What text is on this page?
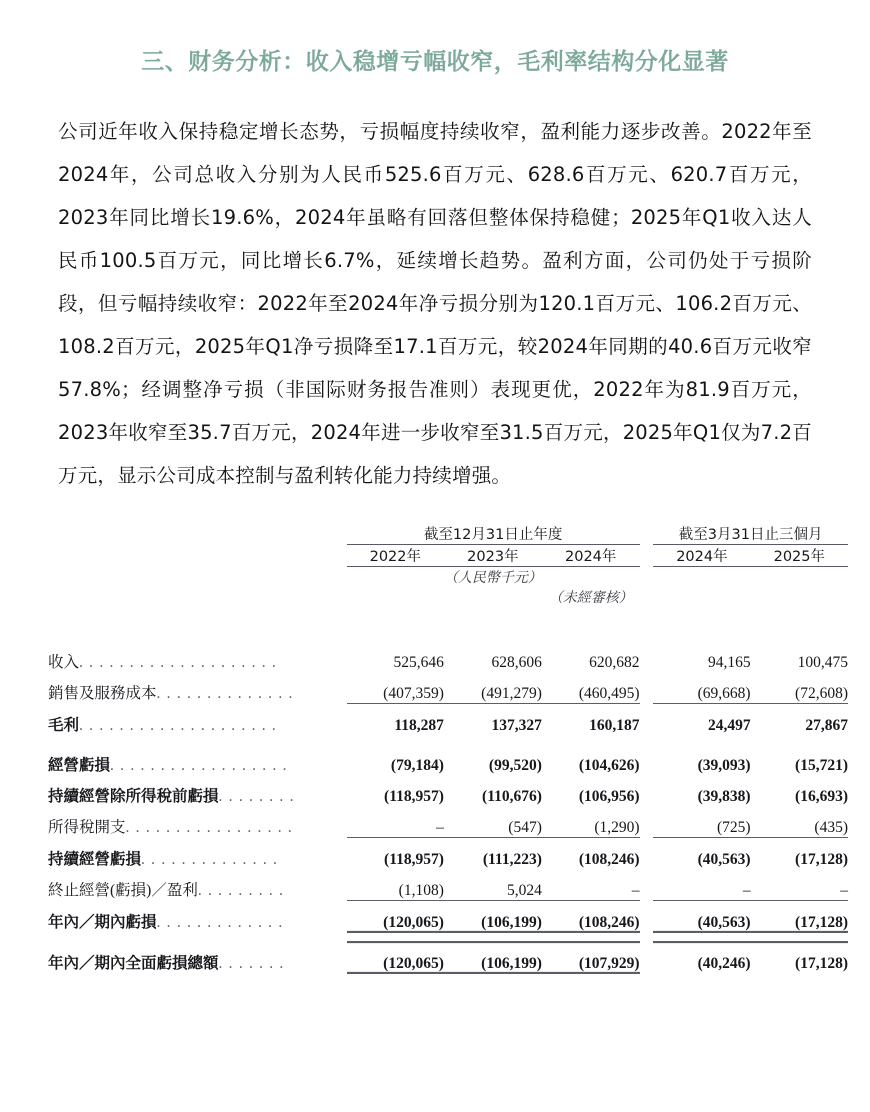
三、财务分析：收入稳增亏幅收窄，毛利率结构分化显著

公司近年收入保持稳定增长态势，亏损幅度持续收窄，盈利能力逐步改善。2022年至2024年，公司总收入分别为人民币525.6百万元、628.6百万元、620.7百万元，2023年同比增长19.6%，2024年虽略有回落但整体保持稳健；2025年Q1收入达人民币100.5百万元，同比增长6.7%，延续增长趋势。盈利方面，公司仍处于亏损阶段，但亏幅持续收窄：2022年至2024年净亏损分别为120.1百万元、106.2百万元、108.2百万元，2025年Q1净亏损降至17.1百万元，较2024年同期的40.6百万元收窄57.8%；经调整净亏损（非国际财务报告准则）表现更优，2022年为81.9百万元，2023年收窄至35.7百万元，2024年进一步收窄至31.5百万元，2025年Q1仅为7.2百万元，显示公司成本控制与盈利转化能力持续增强。

	截至12月31日止年度				截至3月31日止三個月	
	2022年	2023年	2024年		2024年	2025年
		（人民幣千元）				
			（未經審核）			

收入. . . . . . . . . . . . . . . . . . . .	525,646	628,606	620,682		94,165	100,475
銷售及服務成本. . . . . . . . . . . . . .	(407,359)	(491,279)	(460,495)		(69,668)	(72,608)
毛利. . . . . . . . . . . . . . . . . . . .	118,287	137,327	160,187		24,497	27,867

經營虧損. . . . . . . . . . . . . . . . . .	(79,184)	(99,520)	(104,626)		(39,093)	(15,721)
持續經營除所得稅前虧損. . . . . . . .	(118,957)	(110,676)	(106,956)		(39,838)	(16,693)
所得稅開支. . . . . . . . . . . . . . . . .	–	(547)	(1,290)		(725)	(435)
持續經營虧損. . . . . . . . . . . . . .	(118,957)	(111,223)	(108,246)		(40,563)	(17,128)
終止經營(虧損)／盈利. . . . . . . . .	(1,108)	5,024	–		–	–
年內／期內虧損. . . . . . . . . . . . .	(120,065)	(106,199)	(108,246)		(40,563)	(17,128)

年內／期內全面虧損總額. . . . . . .	(120,065)	(106,199)	(107,929)		(40,246)	(17,128)
